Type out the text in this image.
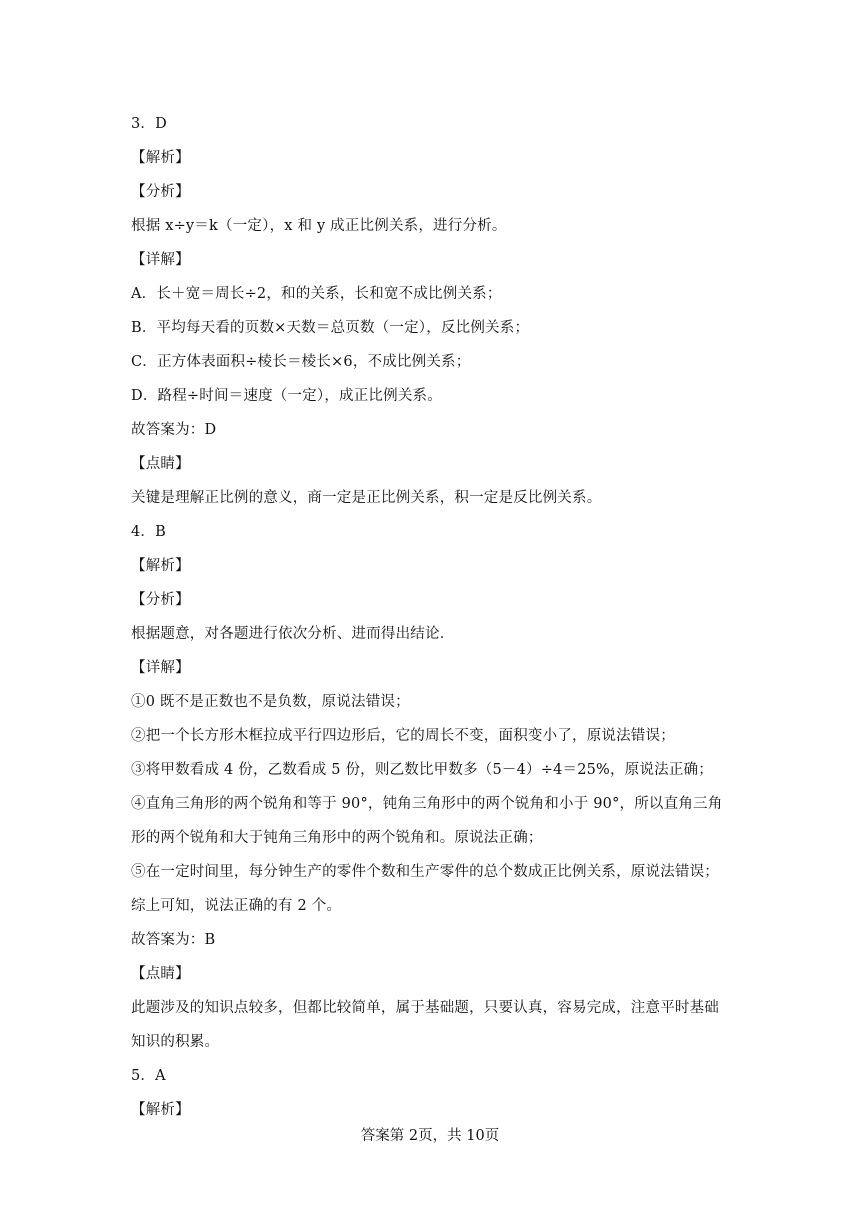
3．D
【解析】
【分析】
根据 x÷y＝k（一定），x 和 y 成正比例关系，进行分析。
【详解】
A．长＋宽＝周长÷2，和的关系，长和宽不成比例关系；
B．平均每天看的页数×天数＝总页数（一定），反比例关系；
C．正方体表面积÷棱长＝棱长×6，不成比例关系；
D．路程÷时间＝速度（一定），成正比例关系。
故答案为：D
【点睛】
关键是理解正比例的意义，商一定是正比例关系，积一定是反比例关系。
4．B
【解析】
【分析】
根据题意，对各题进行依次分析、进而得出结论．
【详解】
①0 既不是正数也不是负数，原说法错误；
②把一个长方形木框拉成平行四边形后，它的周长不变，面积变小了，原说法错误；
③将甲数看成 4 份，乙数看成 5 份，则乙数比甲数多（5－4）÷4＝25%，原说法正确；
④直角三角形的两个锐角和等于 90°，钝角三角形中的两个锐角和小于 90°，所以直角三角
形的两个锐角和大于钝角三角形中的两个锐角和。原说法正确；
⑤在一定时间里，每分钟生产的零件个数和生产零件的总个数成正比例关系，原说法错误；
综上可知，说法正确的有 2 个。
故答案为：B
【点睛】
此题涉及的知识点较多，但都比较简单，属于基础题，只要认真，容易完成，注意平时基础
知识的积累。
5．A
【解析】
答案第 2页，共 10页
